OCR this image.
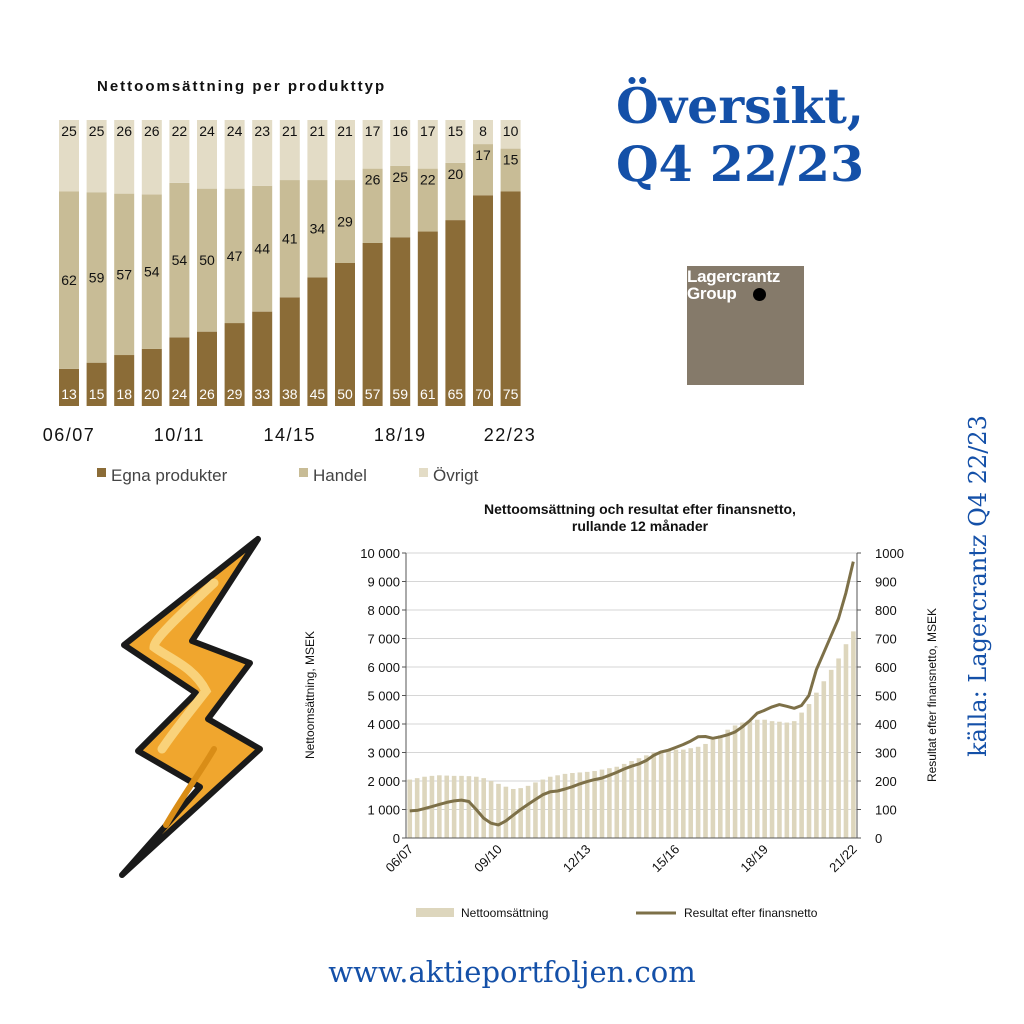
Nettoomsättning per produkttyp
13
62
25
15
59
25
18
57
26
20
54
26
24
54
22
26
50
24
29
47
24
33
44
23
38
41
21
45
34
21
50
29
21
57
26
17
59
25
16
61
22
17
65
20
15
70
17
8
75
15
10
06/07	10/11	14/15	18/19	22/23
Egna produkter	Handel	Övrigt
Översikt,
Q4 22/23
Lagercrantz
Group
källa: Lagercrantz Q4 22/23
Nettoomsättning och resultat efter finansnetto,
rullande 12 månader
0
1 000
2 000
3 000
4 000
5 000
6 000
7 000
8 000
9 000
10 000
0
100
200
300
400
500
600
700
800
900
1000
06/07	09/10	12/13	15/16	18/19	21/22
Nettoomsättning, MSEK	Resultat efter finansnetto, MSEK
Nettoomsättning	Resultat efter finansnetto
www.aktieportfoljen.com
